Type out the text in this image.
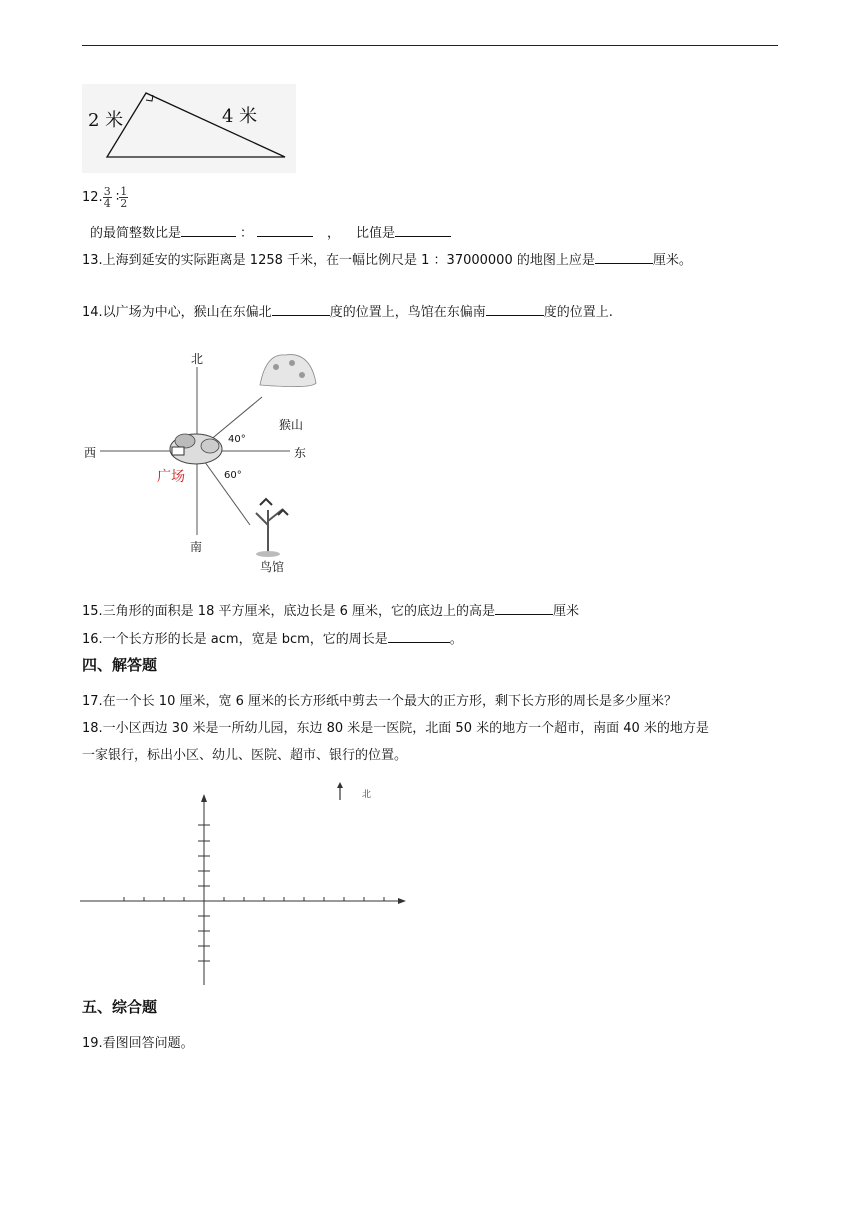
2 米	4 米
12. $\frac{3}{4}$ ∶ $\frac{1}{2}$
的最简整数比是	：	， 比值是
13.上海到延安的实际距离是 1258 千米，在一幅比例尺是 1 ：37000000 的地图上应是	厘米。
14.以广场为中心，猴山在东偏北	度的位置上，鸟馆在东偏南	度的位置上.
北
南
西	东
广场
猴山
鸟馆
40°
60°
15.三角形的面积是 18 平方厘米，底边长是 6 厘米，它的底边上的高是	厘米
16.一个长方形的长是 acm，宽是 bcm，它的周长是	。
四、解答题
17.在一个长 10 厘米，宽 6 厘米的长方形纸中剪去一个最大的正方形，剩下长方形的周长是多少厘米？
18.一小区西边 30 米是一所幼儿园，东边 80 米是一医院，北面 50 米的地方一个超市，南面 40 米的地方是
一家银行，标出小区、幼儿、医院、超市、银行的位置。
北
五、综合题
19.看图回答问题。
